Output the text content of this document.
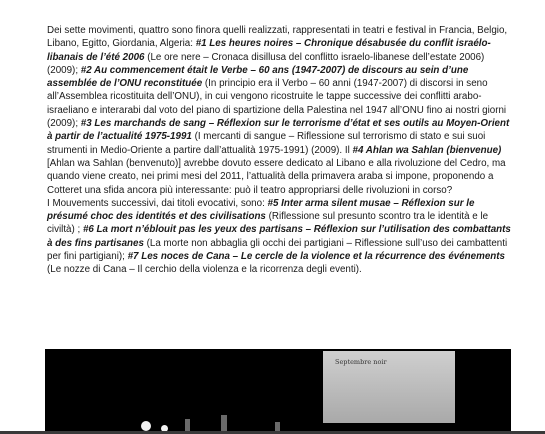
Dei sette movimenti, quattro sono finora quelli realizzati, rappresentati in teatri e festival in Francia, Belgio, Libano, Egitto, Giordania, Algeria: #1 Les heures noires – Chronique désabusée du conflit israélo-libanais de l’été 2006 (Le ore nere – Cronaca disillusa del conflitto israelo-libanese dell’estate 2006) (2009); #2 Au commencement était le Verbe – 60 ans (1947-2007) de discours au sein d’une assemblée de l’ONU reconstituée (In principio era il Verbo – 60 anni (1947-2007) di discorsi in seno all’Assemblea ricostituita dell’ONU), in cui vengono ricostruite le tappe successive dei conflitti arabo-israeliano e interarabi dal voto del piano di spartizione della Palestina nel 1947 all’ONU fino ai nostri giorni (2009); #3 Les marchands de sang – Réflexion sur le terrorisme d’état et ses outils au Moyen-Orient à partir de l’actualité 1975-1991 (I mercanti di sangue – Riflessione sul terrorismo di stato e sui suoi strumenti in Medio-Oriente a partire dall’attualità 1975-1991) (2009). Il #4 Ahlan wa Sahlan (bienvenue) [Ahlan wa Sahlan (benvenuto)] avrebbe dovuto essere dedicato al Libano e alla rivoluzione del Cedro, ma quando viene creato, nei primi mesi del 2011, l’attualità della primavera araba si impone, proponendo a Cotteret una sfida ancora più interessante: può il teatro appropriarsi delle rivoluzioni in corso?

I Mouvements successivi, dai titoli evocativi, sono: #5 Inter arma silent musae – Réflexion sur le présumé choc des identités et des civilisations (Riflessione sul presunto scontro tra le identità e le civiltà) ; #6 La mort n’éblouit pas les yeux des partisans – Réflexion sur l’utilisation des combattants à des fins partisanes (La morte non abbaglia gli occhi dei partigiani – Riflessione sull’uso dei cambattenti per fini partigiani); #7 Les noces de Cana – Le cercle de la violence et la récurrence des événements (Le nozze di Cana – Il cerchio della violenza e la ricorrenza degli eventi).

Septembre noir
